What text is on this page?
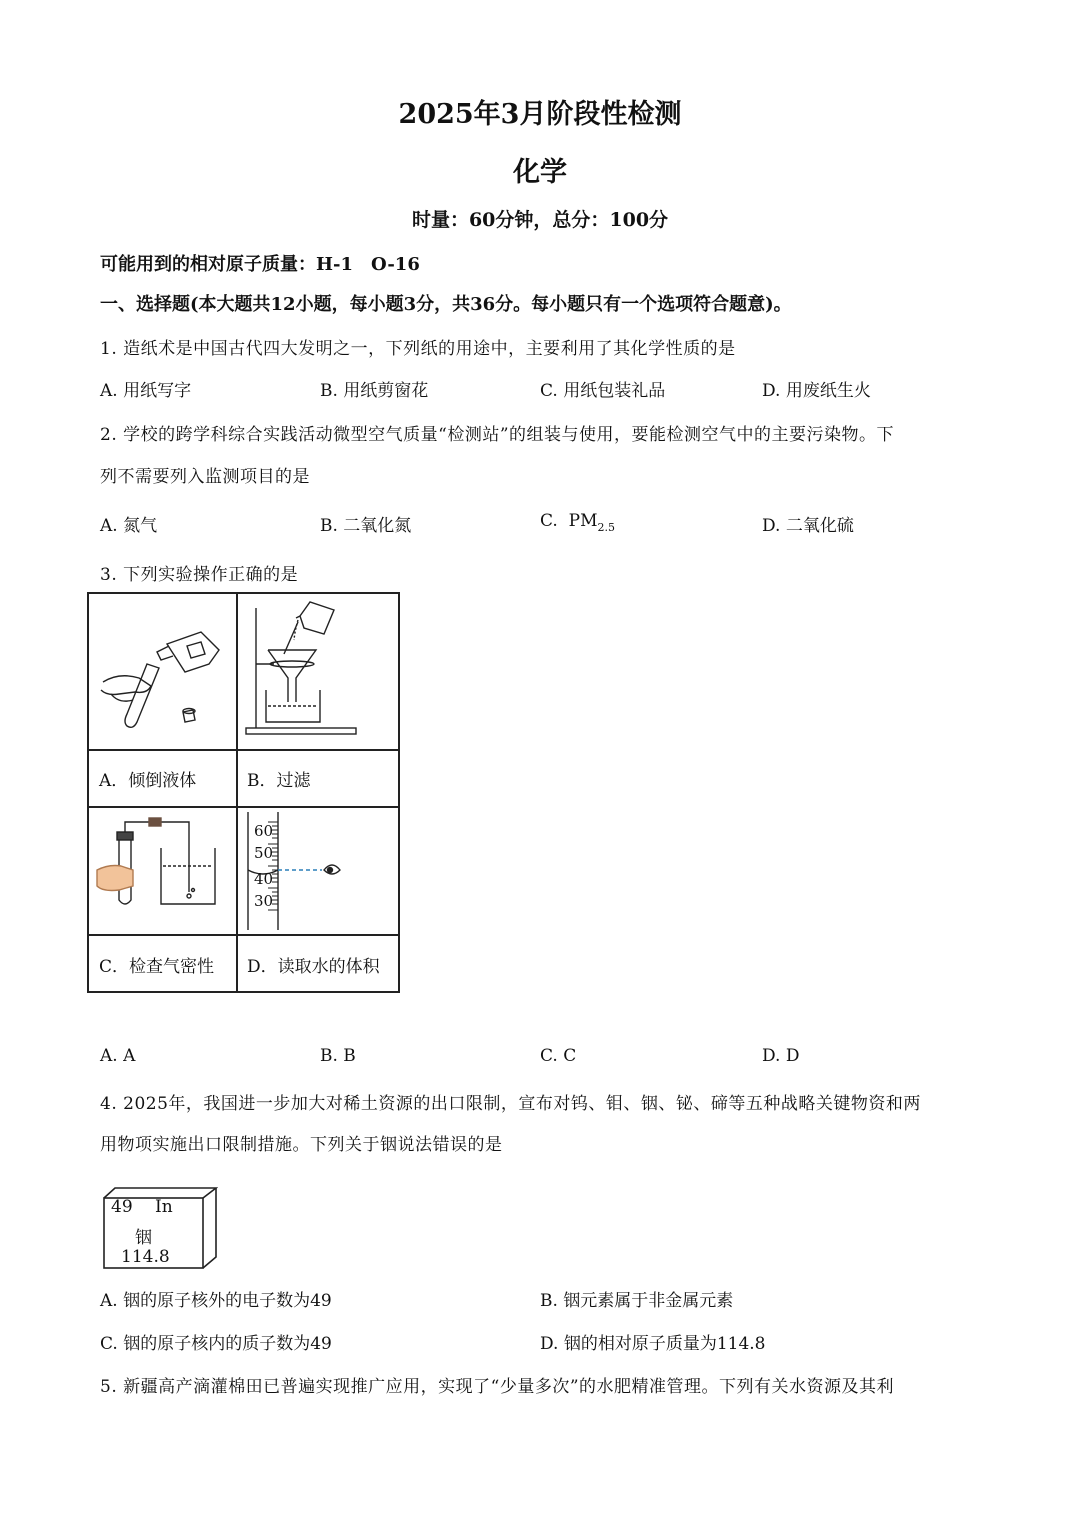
2025年3月阶段性检测
化学
时量：60分钟，总分：100分
可能用到的相对原子质量：H-1　O-16
一、选择题(本大题共12小题，每小题3分，共36分。每小题只有一个选项符合题意)。
1. 造纸术是中国古代四大发明之一，下列纸的用途中，主要利用了其化学性质的是
A. 用纸写字	B. 用纸剪窗花	C. 用纸包装礼品	D. 用废纸生火
2. 学校的跨学科综合实践活动微型空气质量“检测站”的组装与使用，要能检测空气中的主要污染物。下
列不需要列入监测项目的是
A. 氮气	B. 二氧化氮	C. $PM_{2.5}$	D. 二氧化硫
3. 下列实验操作正确的是
A．倾倒液体	B．过滤
60
50
40
30
C．检查气密性 D．读取水的体积
A. A	B. B	C. C	D. D
4. 2025年，我国进一步加大对稀土资源的出口限制，宣布对钨、钼、铟、铋、碲等五种战略关键物资和两
用物项实施出口限制措施。下列关于铟说法错误的是
49 In
铟
114.8
A. 铟的原子核外的电子数为49	B. 铟元素属于非金属元素
C. 铟的原子核内的质子数为49	D. 铟的相对原子质量为114.8
5. 新疆高产滴灌棉田已普遍实现推广应用，实现了“少量多次”的水肥精准管理。下列有关水资源及其利
